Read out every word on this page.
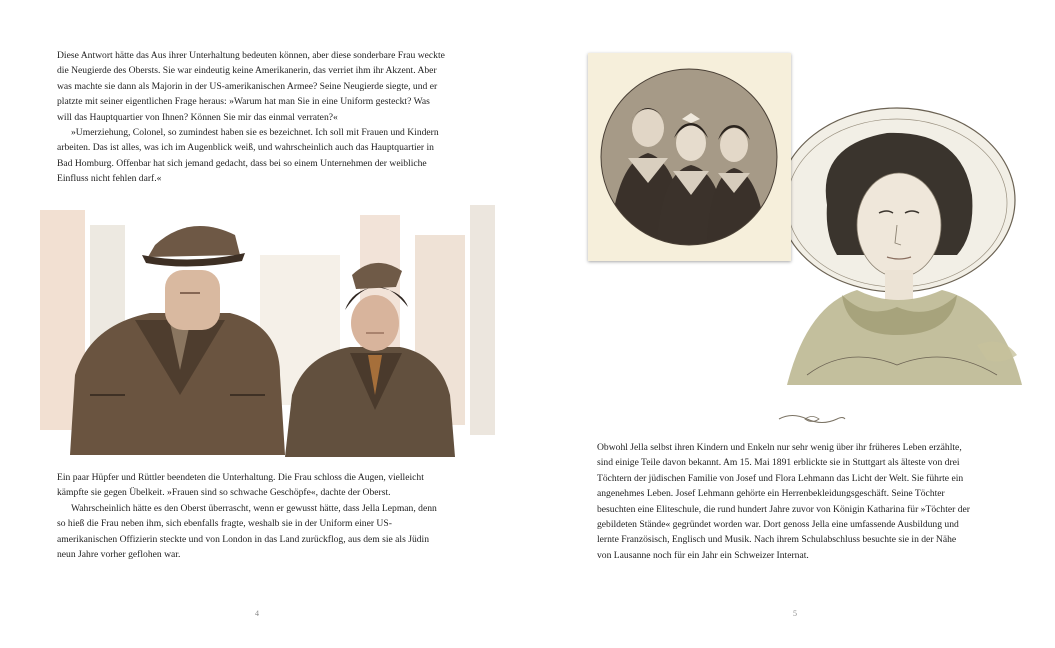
Diese Antwort hätte das Aus ihrer Unterhaltung bedeuten können, aber diese sonderbare Frau weckte die Neugierde des Obersts. Sie war eindeutig keine Amerikanerin, das verriet ihm ihr Akzent. Aber was machte sie dann als Majorin in der US-amerikanischen Armee? Seine Neugierde siegte, und er platzte mit seiner eigentlichen Frage heraus: »Warum hat man Sie in eine Uniform gesteckt? Was will das Hauptquartier von Ihnen? Können Sie mir das einmal verraten?«

»Umerziehung, Colonel, so zumindest haben sie es bezeichnet. Ich soll mit Frauen und Kindern arbeiten. Das ist alles, was ich im Augenblick weiß, und wahrscheinlich auch das Hauptquartier in Bad Homburg. Offenbar hat sich jemand gedacht, dass bei so einem Unternehmen der weibliche Einfluss nicht fehlen darf.«

Ein paar Hüpfer und Rüttler beendeten die Unterhaltung. Die Frau schloss die Augen, vielleicht kämpfte sie gegen Übelkeit. »Frauen sind so schwache Geschöpfe«, dachte der Oberst.

Wahrscheinlich hätte es den Oberst überrascht, wenn er gewusst hätte, dass Jella Lepman, denn so hieß die Frau neben ihm, sich ebenfalls fragte, weshalb sie in der Uniform einer US-amerikanischen Offizierin steckte und von London in das Land zurückflog, aus dem sie als Jüdin neun Jahre vorher geflohen war.

4

Obwohl Jella selbst ihren Kindern und Enkeln nur sehr wenig über ihr früheres Leben erzählte, sind einige Teile davon bekannt. Am 15. Mai 1891 erblickte sie in Stuttgart als älteste von drei Töchtern der jüdischen Familie von Josef und Flora Lehmann das Licht der Welt. Sie führte ein angenehmes Leben. Josef Lehmann gehörte ein Herrenbekleidungsgeschäft. Seine Töchter besuchten eine Eliteschule, die rund hundert Jahre zuvor von Königin Katharina für »Töchter der gebildeten Stände« gegründet worden war. Dort genoss Jella eine umfassende Ausbildung und lernte Französisch, Englisch und Musik. Nach ihrem Schulabschluss besuchte sie in der Nähe von Lausanne noch für ein Jahr ein Schweizer Internat.

5
